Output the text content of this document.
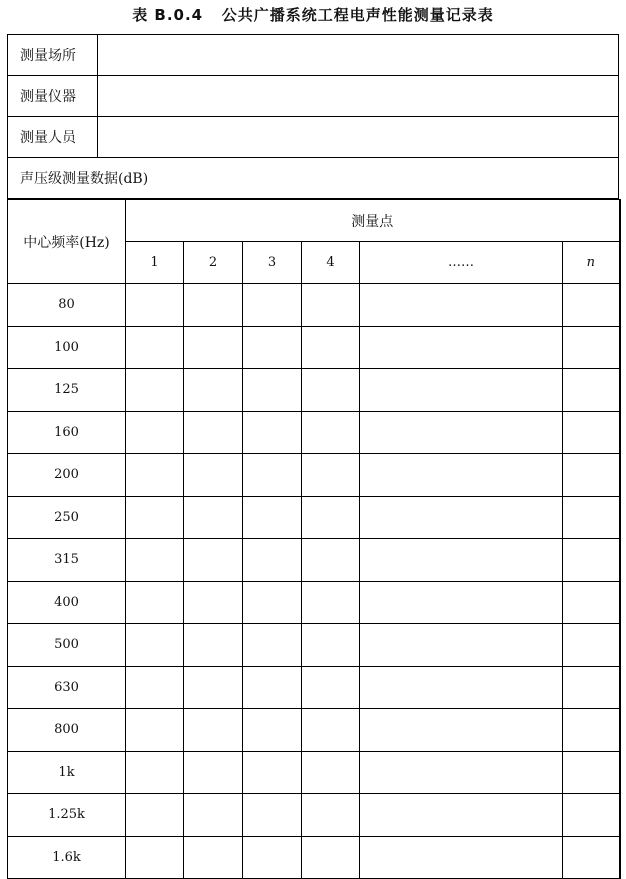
表 B.0.4   公共广播系统工程电声性能测量记录表
测量场所	
测量仪器	
测量人员	
声压级测量数据(dB)	
中心频率(Hz)	测量点					
	1	2	3	4	……	n
80						
100						
125						
160						
200						
250						
315						
400						
500						
630						
800						
1k						
1.25k						
1.6k						
